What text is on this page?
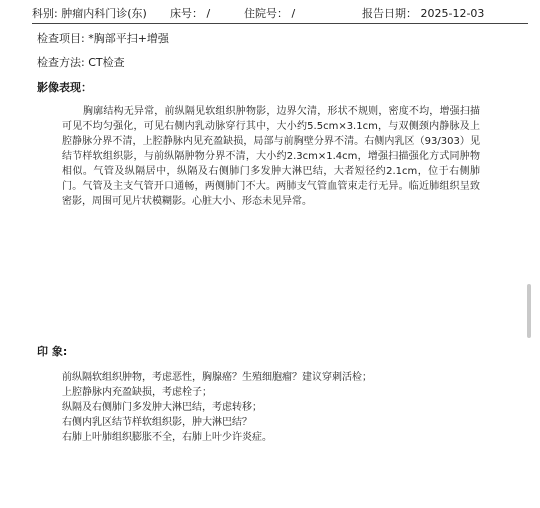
科别: 肿瘤内科门诊(东) 床号： /	住院号： /	报告日期： 2025-12-03
检查项目: *胸部平扫+增强
检查方法: CT检查
影像表现：
胸廓结构无异常，前纵隔见软组织肿物影，边界欠清，形状不规则，密度不均，增强扫描可见不均匀强化，可见右侧内乳动脉穿行其中，大小约5.5cm×3.1cm，与双侧颈内静脉及上腔静脉分界不清，上腔静脉内见充盈缺损，局部与前胸壁分界不清。右侧内乳区（93/303）见结节样软组织影，与前纵隔肿物分界不清，大小约2.3cm×1.4cm，增强扫描强化方式同肿物相似。气管及纵隔居中，纵隔及右侧肺门多发肿大淋巴结，大者短径约2.1cm，位于右侧肺门。气管及主支气管开口通畅，两侧肺门不大。两肺支气管血管束走行无异。临近肺组织呈致密影，周围可见片状模糊影。心脏大小、形态未见异常。
印 象:
前纵隔软组织肿物，考虑恶性，胸腺癌？生殖细胞瘤？建议穿刺活检；
上腔静脉内充盈缺损，考虑栓子；
纵隔及右侧肺门多发肿大淋巴结，考虑转移；
右侧内乳区结节样软组织影，肿大淋巴结？
右肺上叶肺组织膨胀不全，右肺上叶少许炎症。
